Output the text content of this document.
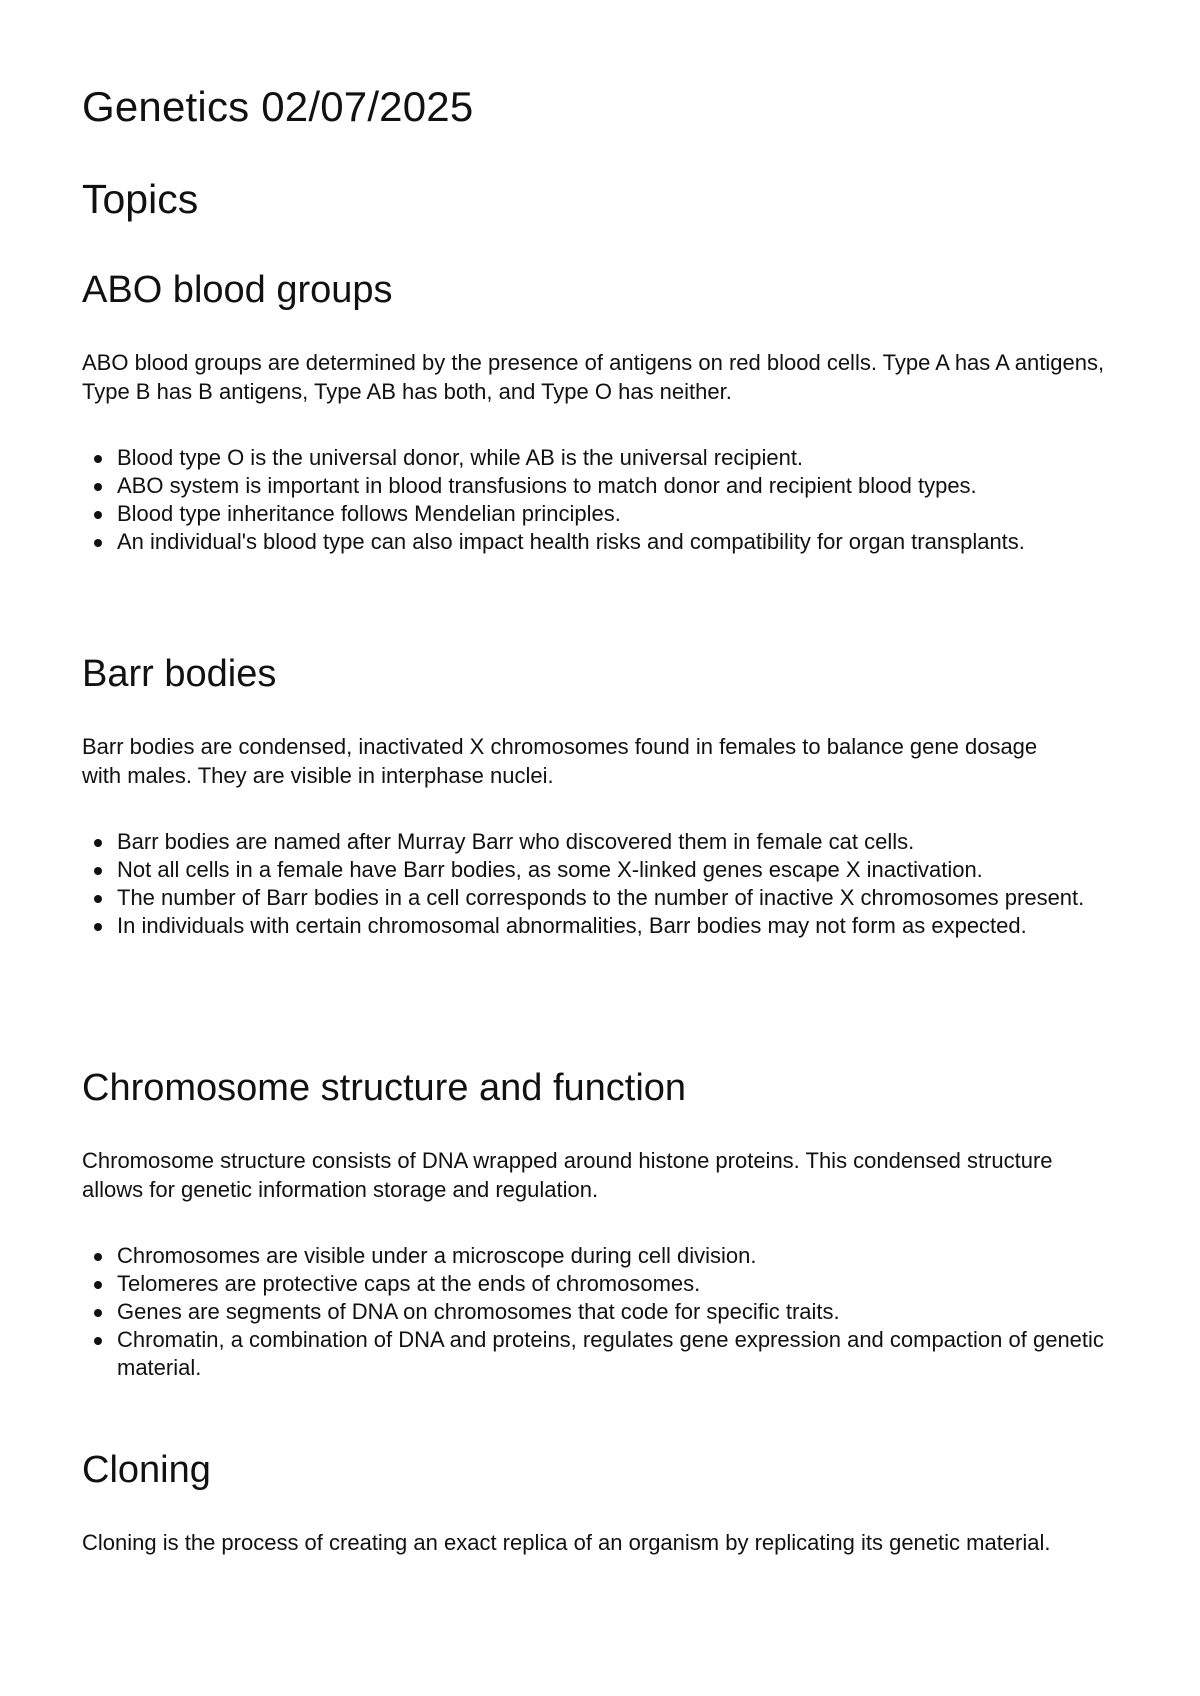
Genetics 02/07/2025
Topics
ABO blood groups

ABO blood groups are determined by the presence of antigens on red blood cells. Type A has A antigens, Type B has B antigens, Type AB has both, and Type O has neither.

Blood type O is the universal donor, while AB is the universal recipient.
ABO system is important in blood transfusions to match donor and recipient blood types.
Blood type inheritance follows Mendelian principles.
An individual's blood type can also impact health risks and compatibility for organ transplants.
Barr bodies

Barr bodies are condensed, inactivated X chromosomes found in females to balance gene dosage with males. They are visible in interphase nuclei.

Barr bodies are named after Murray Barr who discovered them in female cat cells.
Not all cells in a female have Barr bodies, as some X-linked genes escape X inactivation.
The number of Barr bodies in a cell corresponds to the number of inactive X chromosomes present.
In individuals with certain chromosomal abnormalities, Barr bodies may not form as expected.
Chromosome structure and function

Chromosome structure consists of DNA wrapped around histone proteins. This condensed structure allows for genetic information storage and regulation.

Chromosomes are visible under a microscope during cell division.
Telomeres are protective caps at the ends of chromosomes.
Genes are segments of DNA on chromosomes that code for specific traits.
Chromatin, a combination of DNA and proteins, regulates gene expression and compaction of genetic material.
Cloning

Cloning is the process of creating an exact replica of an organism by replicating its genetic material.
